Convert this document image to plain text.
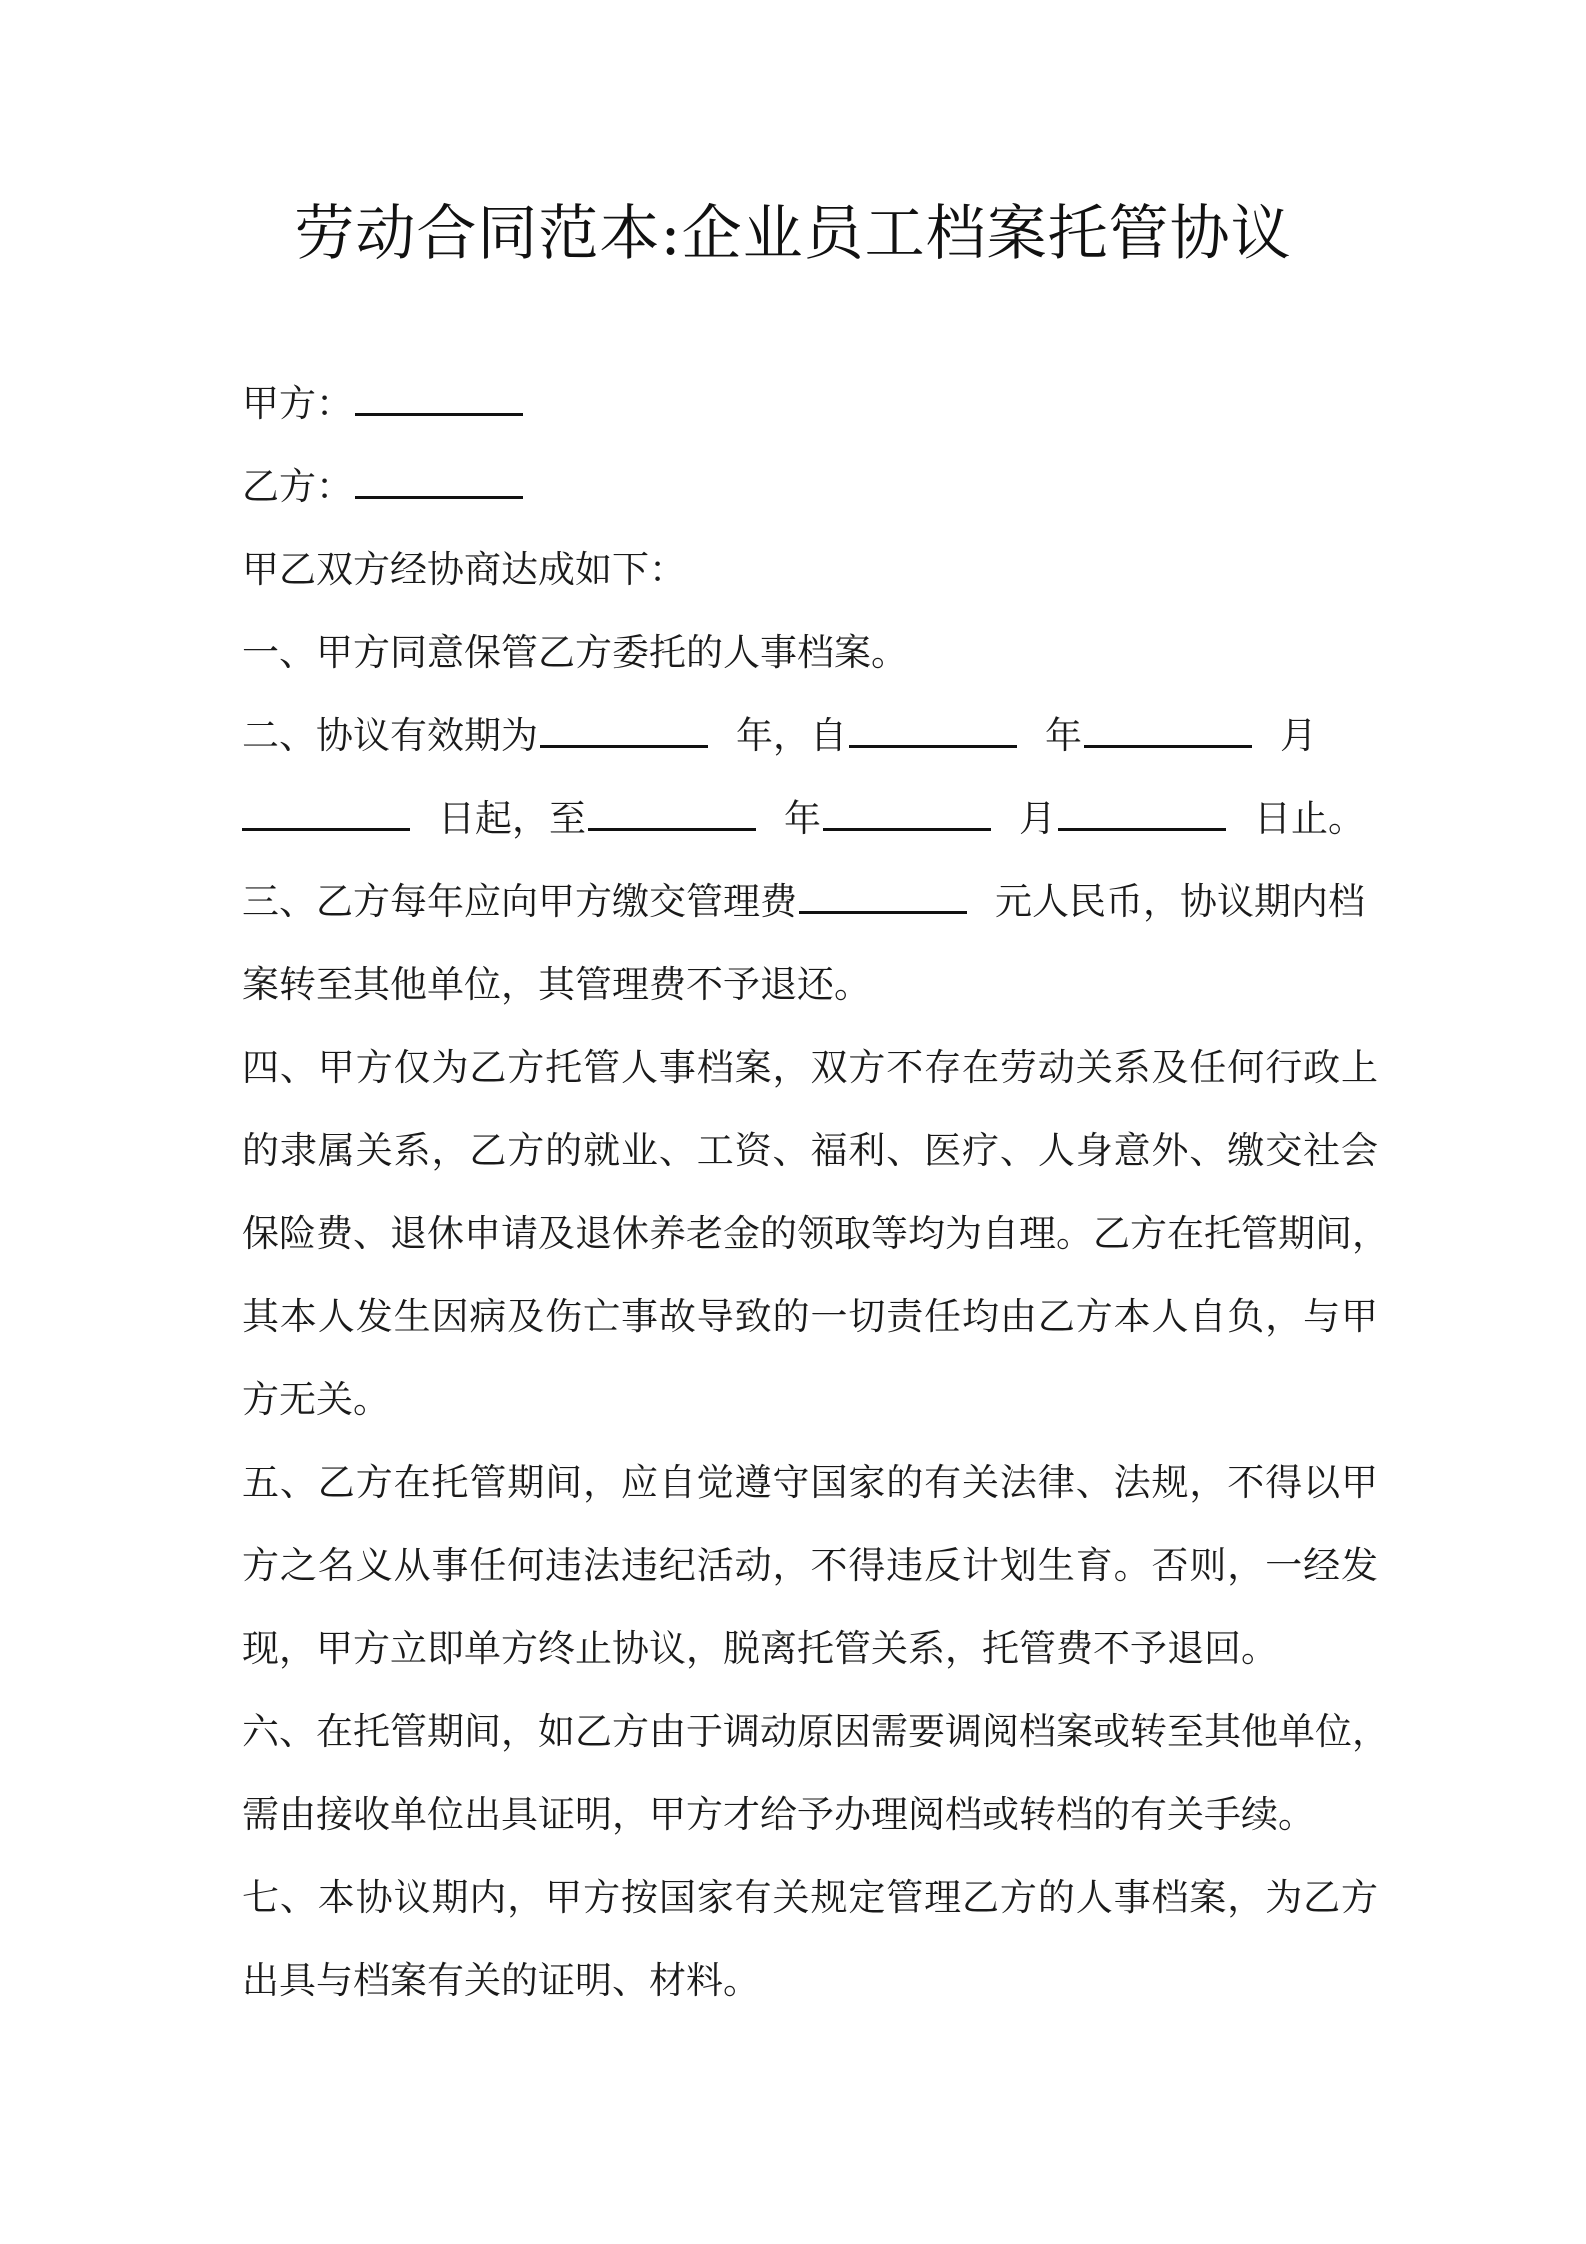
劳动合同范本:企业员工档案托管协议
甲方：
乙方：
甲乙双方经协商达成如下：
一、甲方同意保管乙方委托的人事档案。
二、协议有效期为	年，自	年	月
日起，至	年	月	日止。
三、乙方每年应向甲方缴交管理费	元人民币，协议期内档
案转至其他单位，其管理费不予退还。
四、甲方仅为乙方托管人事档案，双方不存在劳动关系及任何行政上
的隶属关系，乙方的就业、工资、福利、医疗、人身意外、缴交社会
保险费、退休申请及退休养老金的领取等均为自理。乙方在托管期间，
其本人发生因病及伤亡事故导致的一切责任均由乙方本人自负，与甲
方无关。
五、乙方在托管期间，应自觉遵守国家的有关法律、法规，不得以甲
方之名义从事任何违法违纪活动，不得违反计划生育。否则，一经发
现，甲方立即单方终止协议，脱离托管关系，托管费不予退回。
六、在托管期间，如乙方由于调动原因需要调阅档案或转至其他单位，
需由接收单位出具证明，甲方才给予办理阅档或转档的有关手续。
七、本协议期内，甲方按国家有关规定管理乙方的人事档案，为乙方
出具与档案有关的证明、材料。
